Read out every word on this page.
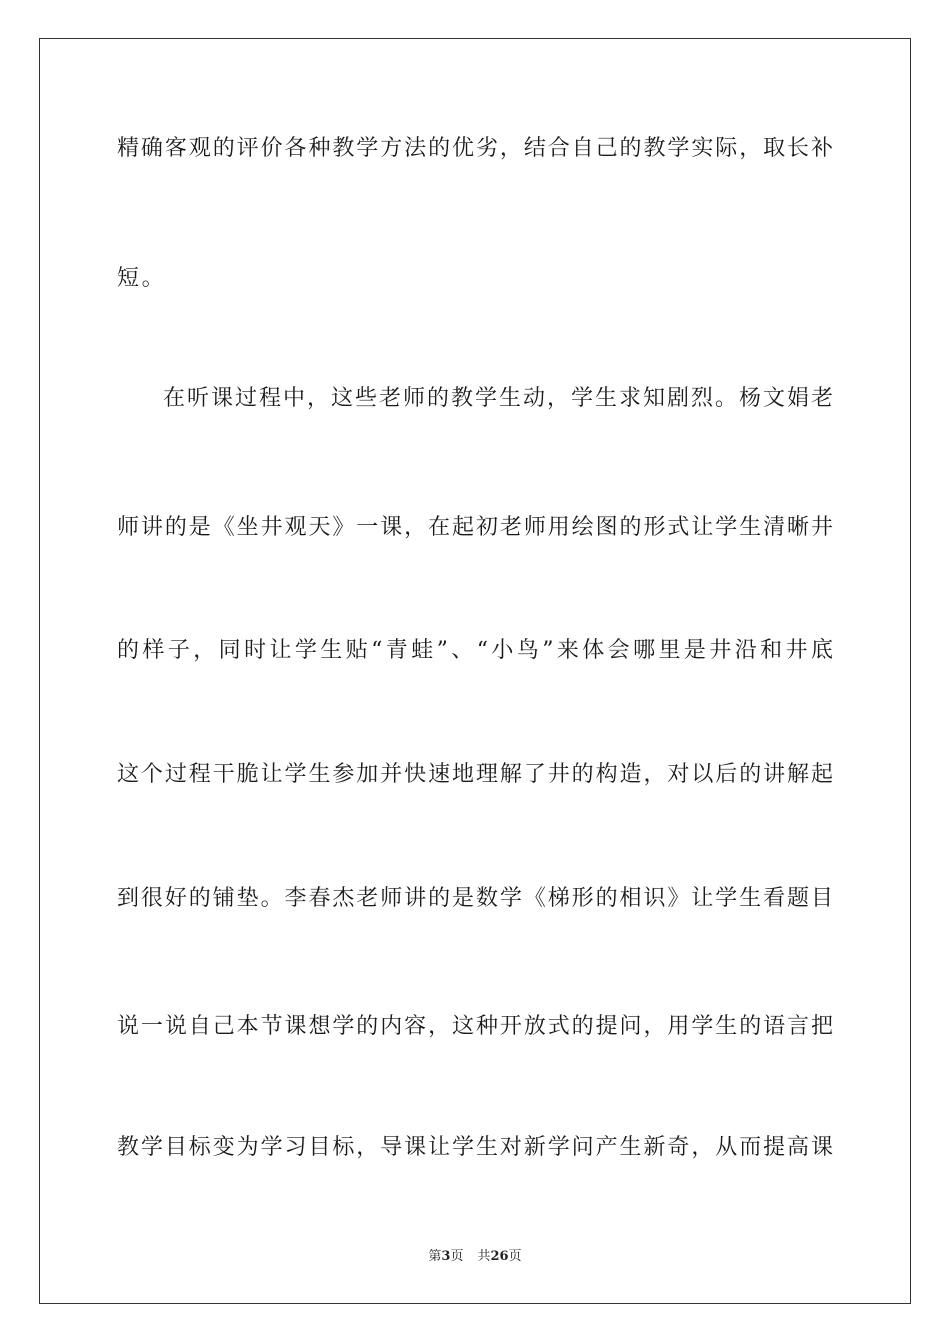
精确客观的评价各种教学方法的优劣，结合自己的教学实际，取长补
短。
在听课过程中，这些老师的教学生动，学生求知剧烈。杨文娟老
师讲的是《坐井观天》一课，在起初老师用绘图的形式让学生清晰井
的样子，同时让学生贴“青蛙”、“小鸟”来体会哪里是井沿和井底
这个过程干脆让学生参加并快速地理解了井的构造，对以后的讲解起
到很好的铺垫。李春杰老师讲的是数学《梯形的相识》让学生看题目
说一说自己本节课想学的内容，这种开放式的提问，用学生的语言把
教学目标变为学习目标，导课让学生对新学问产生新奇，从而提高课
第3页 共26页
